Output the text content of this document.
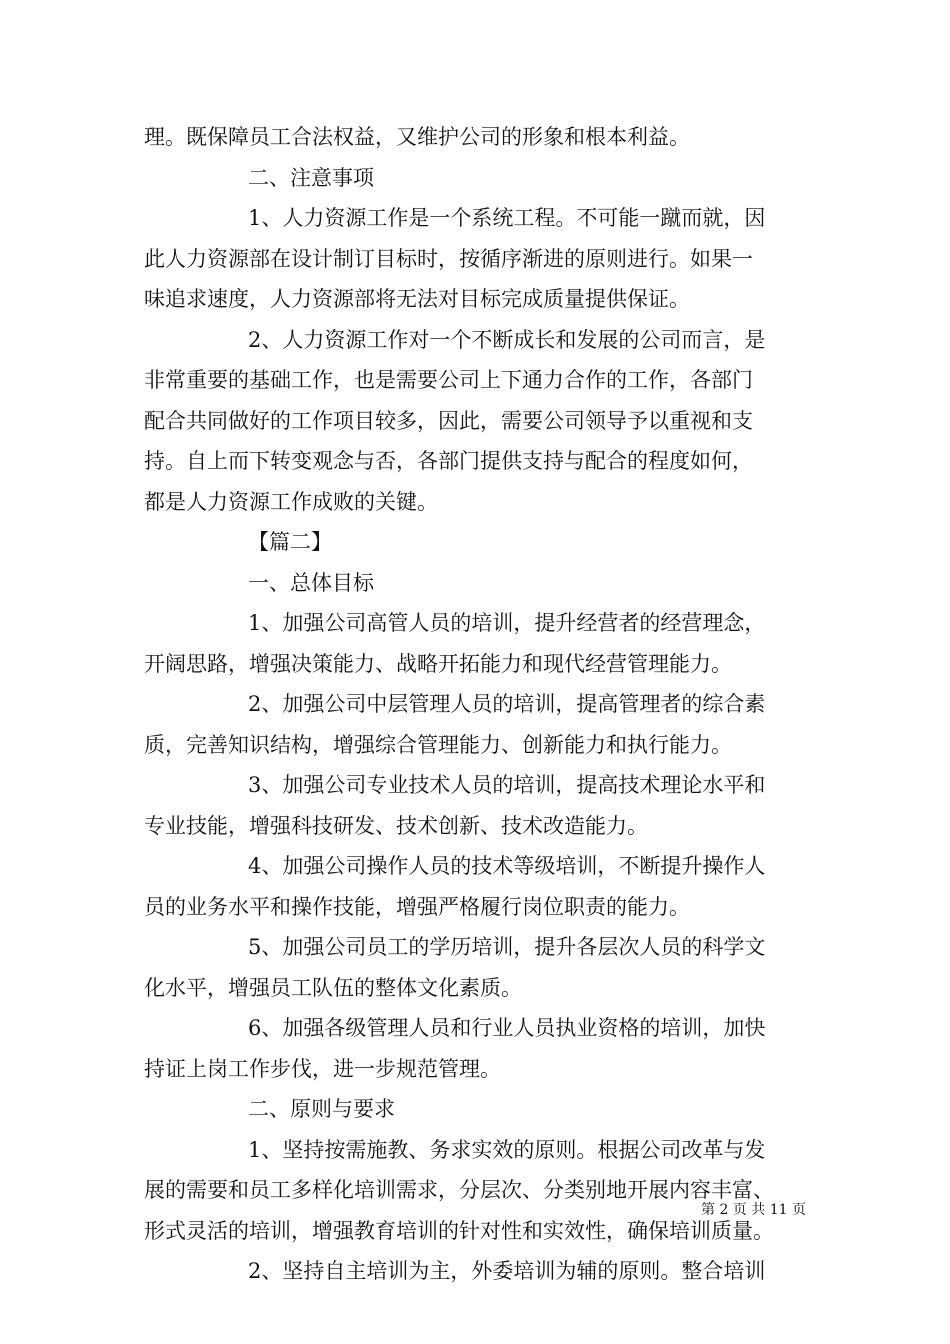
理。既保障员工合法权益，又维护公司的形象和根本利益。
二、注意事项
1、人力资源工作是一个系统工程。不可能一蹴而就，因
此人力资源部在设计制订目标时，按循序渐进的原则进行。如果一
味追求速度，人力资源部将无法对目标完成质量提供保证。
2、人力资源工作对一个不断成长和发展的公司而言，是
非常重要的基础工作，也是需要公司上下通力合作的工作，各部门
配合共同做好的工作项目较多，因此，需要公司领导予以重视和支
持。自上而下转变观念与否，各部门提供支持与配合的程度如何，
都是人力资源工作成败的关键。
【篇二】
一、总体目标
1、加强公司高管人员的培训，提升经营者的经营理念，
开阔思路，增强决策能力、战略开拓能力和现代经营管理能力。
2、加强公司中层管理人员的培训，提高管理者的综合素
质，完善知识结构，增强综合管理能力、创新能力和执行能力。
3、加强公司专业技术人员的培训，提高技术理论水平和
专业技能，增强科技研发、技术创新、技术改造能力。
4、加强公司操作人员的技术等级培训，不断提升操作人
员的业务水平和操作技能，增强严格履行岗位职责的能力。
5、加强公司员工的学历培训，提升各层次人员的科学文
化水平，增强员工队伍的整体文化素质。
6、加强各级管理人员和行业人员执业资格的培训，加快
持证上岗工作步伐，进一步规范管理。
二、原则与要求
1、坚持按需施教、务求实效的原则。根据公司改革与发
展的需要和员工多样化培训需求，分层次、分类别地开展内容丰富、
形式灵活的培训，增强教育培训的针对性和实效性，确保培训质量。
2、坚持自主培训为主，外委培训为辅的原则。整合培训
第 2 页 共 11 页
